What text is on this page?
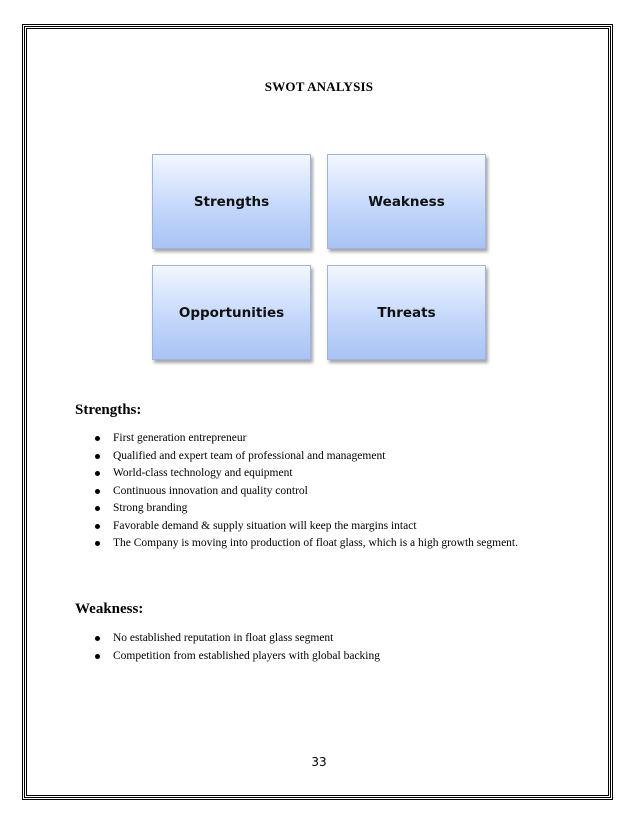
SWOT ANALYSIS
Strengths	Weakness
Opportunities	Threats
Strengths:
First generation entrepreneur
Qualified and expert team of professional and management
World-class technology and equipment
Continuous innovation and quality control
Strong branding
Favorable demand & supply situation will keep the margins intact
The Company is moving into production of float glass, which is a high growth segment.
Weakness:
No established reputation in float glass segment
Competition from established players with global backing
33
